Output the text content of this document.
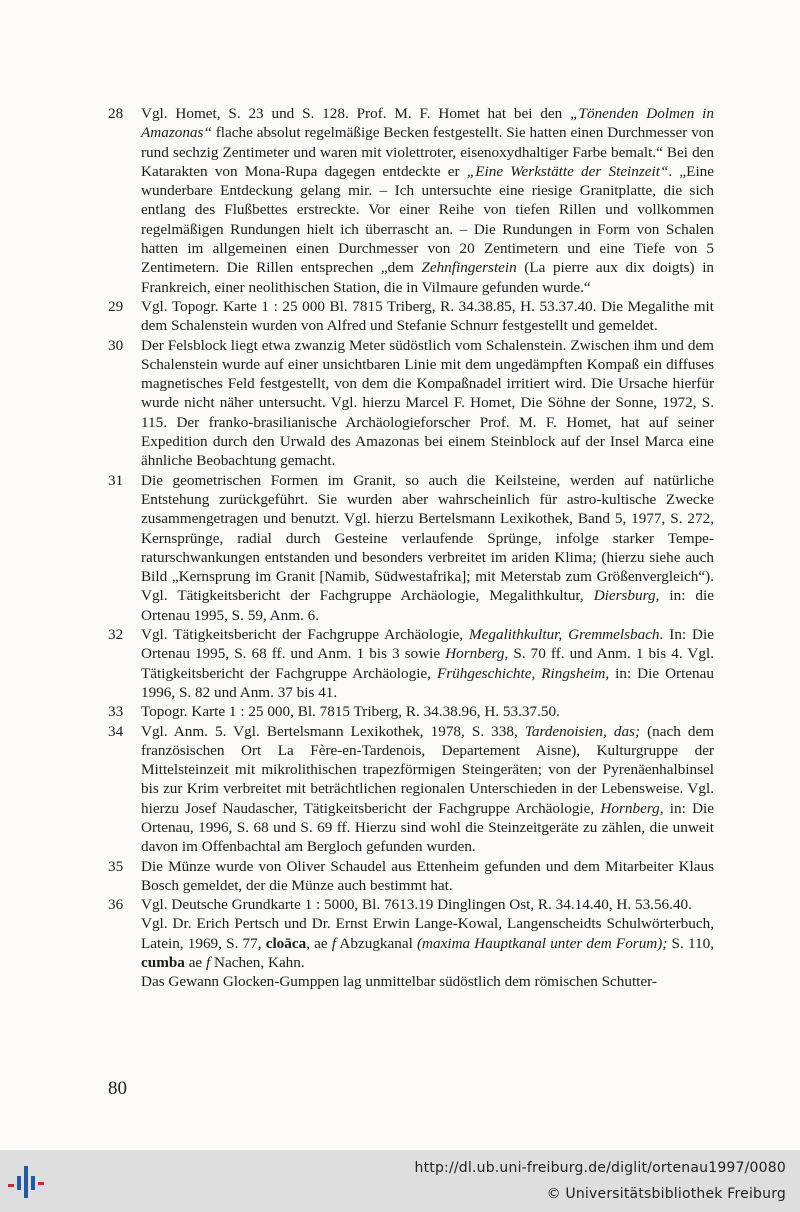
28	Vgl. Homet, S. 23 und S. 128. Prof. M. F. Homet hat bei den „Tönenden Dolmen in Amazonas“ flache absolut regelmäßige Becken festgestellt. Sie hatten einen Durchmesser von rund sechzig Zentimeter und waren mit violettroter, eisenoxydhaltiger Farbe bemalt.“ Bei den Katarakten von Mona-Rupa dagegen entdeckte er „Eine Werkstätte der Steinzeit“. „Eine wunderbare Entdeckung gelang mir. – Ich untersuchte eine riesige Granitplatte, die sich entlang des Flußbettes erstreckte. Vor einer Reihe von tiefen Rillen und vollkommen regelmäßigen Rundungen hielt ich überrascht an. – Die Rundungen in Form von Schalen hatten im allgemeinen einen Durchmesser von 20 Zentimetern und eine Tiefe von 5 Zentimetern. Die Rillen entsprechen „dem Zehnfingerstein (La pierre aux dix doigts) in Frankreich, einer neolithischen Station, die in Vilmaure gefunden wurde.“
29	Vgl. Topogr. Karte 1 : 25 000 Bl. 7815 Triberg, R. 34.38.85, H. 53.37.40. Die Megalithe mit dem Schalenstein wurden von Alfred und Stefanie Schnurr festgestellt und gemeldet.
30	Der Felsblock liegt etwa zwanzig Meter südöstlich vom Schalenstein. Zwischen ihm und dem Schalenstein wurde auf einer unsichtbaren Linie mit dem ungedämpften Kompaß ein diffuses magnetisches Feld festgestellt, von dem die Kompaßnadel irritiert wird. Die Ursache hierfür wurde nicht näher untersucht. Vgl. hierzu Marcel F. Homet, Die Söhne der Sonne, 1972, S. 115. Der franko-brasilianische Archäologieforscher Prof. M. F. Homet, hat auf seiner Expedition durch den Urwald des Amazonas bei einem Steinblock auf der Insel Marca eine ähnliche Beobachtung gemacht.
31	Die geometrischen Formen im Granit, so auch die Keilsteine, werden auf natürliche Entstehung zurückgeführt. Sie wurden aber wahrscheinlich für astro-kultische Zwecke zusammengetragen und benutzt. Vgl. hierzu Bertelsmann Lexikothek, Band 5, 1977, S. 272, Kernsprünge, radial durch Gesteine verlaufende Sprünge, infolge starker Temperaturschwankungen entstanden und besonders verbreitet im ariden Klima; (hierzu siehe auch Bild „Kernsprung im Granit [Namib, Südwestafrika]; mit Meterstab zum Größenvergleich“). Vgl. Tätigkeitsbericht der Fachgruppe Archäologie, Megalithkultur, Diersburg, in: die Ortenau 1995, S. 59, Anm. 6.
32	Vgl. Tätigkeitsbericht der Fachgruppe Archäologie, Megalithkultur, Gremmelsbach. In: Die Ortenau 1995, S. 68 ff. und Anm. 1 bis 3 sowie Hornberg, S. 70 ff. und Anm. 1 bis 4. Vgl. Tätigkeitsbericht der Fachgruppe Archäologie, Frühgeschichte, Ringsheim, in: Die Ortenau 1996, S. 82 und Anm. 37 bis 41.
33	Topogr. Karte 1 : 25 000, Bl. 7815 Triberg, R. 34.38.96, H. 53.37.50.
34	Vgl. Anm. 5. Vgl. Bertelsmann Lexikothek, 1978, S. 338, Tardenoisien, das; (nach dem französischen Ort La Fère-en-Tardenois, Departement Aisne), Kulturgruppe der Mittelsteinzeit mit mikrolithischen trapezförmigen Steingeräten; von der Pyrenäenhalbinsel bis zur Krim verbreitet mit beträchtlichen regionalen Unterschieden in der Lebensweise. Vgl. hierzu Josef Naudascher, Tätigkeitsbericht der Fachgruppe Archäologie, Hornberg, in: Die Ortenau, 1996, S. 68 und S. 69 ff. Hierzu sind wohl die Steinzeitgeräte zu zählen, die unweit davon im Offenbachtal am Bergloch gefunden wurden.
35	Die Münze wurde von Oliver Schaudel aus Ettenheim gefunden und dem Mitarbeiter Klaus Bosch gemeldet, der die Münze auch bestimmt hat.
36	Vgl. Deutsche Grundkarte 1 : 5000, Bl. 7613.19 Dinglingen Ost, R. 34.14.40, H. 53.56.40.
Vgl. Dr. Erich Pertsch und Dr. Ernst Erwin Lange-Kowal, Langenscheidts Schulwörterbuch, Latein, 1969, S. 77, cloāca, ae f Abzugkanal (maxima Hauptkanal unter dem Forum); S. 110, cumba ae f Nachen, Kahn.
Das Gewann Glocken-Gumppen lag unmittelbar südöstlich dem römischen Schutter-
80
http://dl.ub.uni-freiburg.de/diglit/ortenau1997/0080
© Universitätsbibliothek Freiburg
